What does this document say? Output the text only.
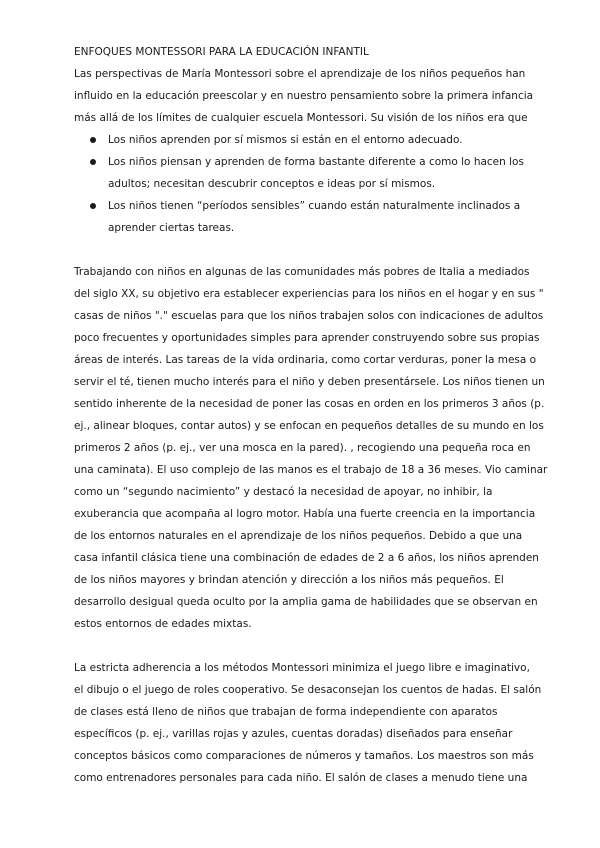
ENFOQUES MONTESSORI PARA LA EDUCACIÓN INFANTIL

Las perspectivas de María Montessori sobre el aprendizaje de los niños pequeños han

influido en la educación preescolar y en nuestro pensamiento sobre la primera infancia

más allá de los límites de cualquier escuela Montessori. Su visión de los niños era que

Los niños aprenden por sí mismos si están en el entorno adecuado.

Los niños piensan y aprenden de forma bastante diferente a como lo hacen los

adultos; necesitan descubrir conceptos e ideas por sí mismos.

Los niños tienen “períodos sensibles” cuando están naturalmente inclinados a

aprender ciertas tareas.

Trabajando con niños en algunas de las comunidades más pobres de Italia a mediados

del siglo XX, su objetivo era establecer experiencias para los niños en el hogar y en sus "

casas de niños "." escuelas para que los niños trabajen solos con indicaciones de adultos

poco frecuentes y oportunidades simples para aprender construyendo sobre sus propias

áreas de interés. Las tareas de la vida ordinaria, como cortar verduras, poner la mesa o

servir el té, tienen mucho interés para el niño y deben presentársele. Los niños tienen un

sentido inherente de la necesidad de poner las cosas en orden en los primeros 3 años (p.

ej., alinear bloques, contar autos) y se enfocan en pequeños detalles de su mundo en los

primeros 2 años (p. ej., ver una mosca en la pared). , recogiendo una pequeña roca en

una caminata). El uso complejo de las manos es el trabajo de 18 a 36 meses. Vio caminar

como un “segundo nacimiento” y destacó la necesidad de apoyar, no inhibir, la

exuberancia que acompaña al logro motor. Había una fuerte creencia en la importancia

de los entornos naturales en el aprendizaje de los niños pequeños. Debido a que una

casa infantil clásica tiene una combinación de edades de 2 a 6 años, los niños aprenden

de los niños mayores y brindan atención y dirección a los niños más pequeños. El

desarrollo desigual queda oculto por la amplia gama de habilidades que se observan en

estos entornos de edades mixtas.

La estricta adherencia a los métodos Montessori minimiza el juego libre e imaginativo,

el dibujo o el juego de roles cooperativo. Se desaconsejan los cuentos de hadas. El salón

de clases está lleno de niños que trabajan de forma independiente con aparatos

específicos (p. ej., varillas rojas y azules, cuentas doradas) diseñados para enseñar

conceptos básicos como comparaciones de números y tamaños. Los maestros son más

como entrenadores personales para cada niño. El salón de clases a menudo tiene una
